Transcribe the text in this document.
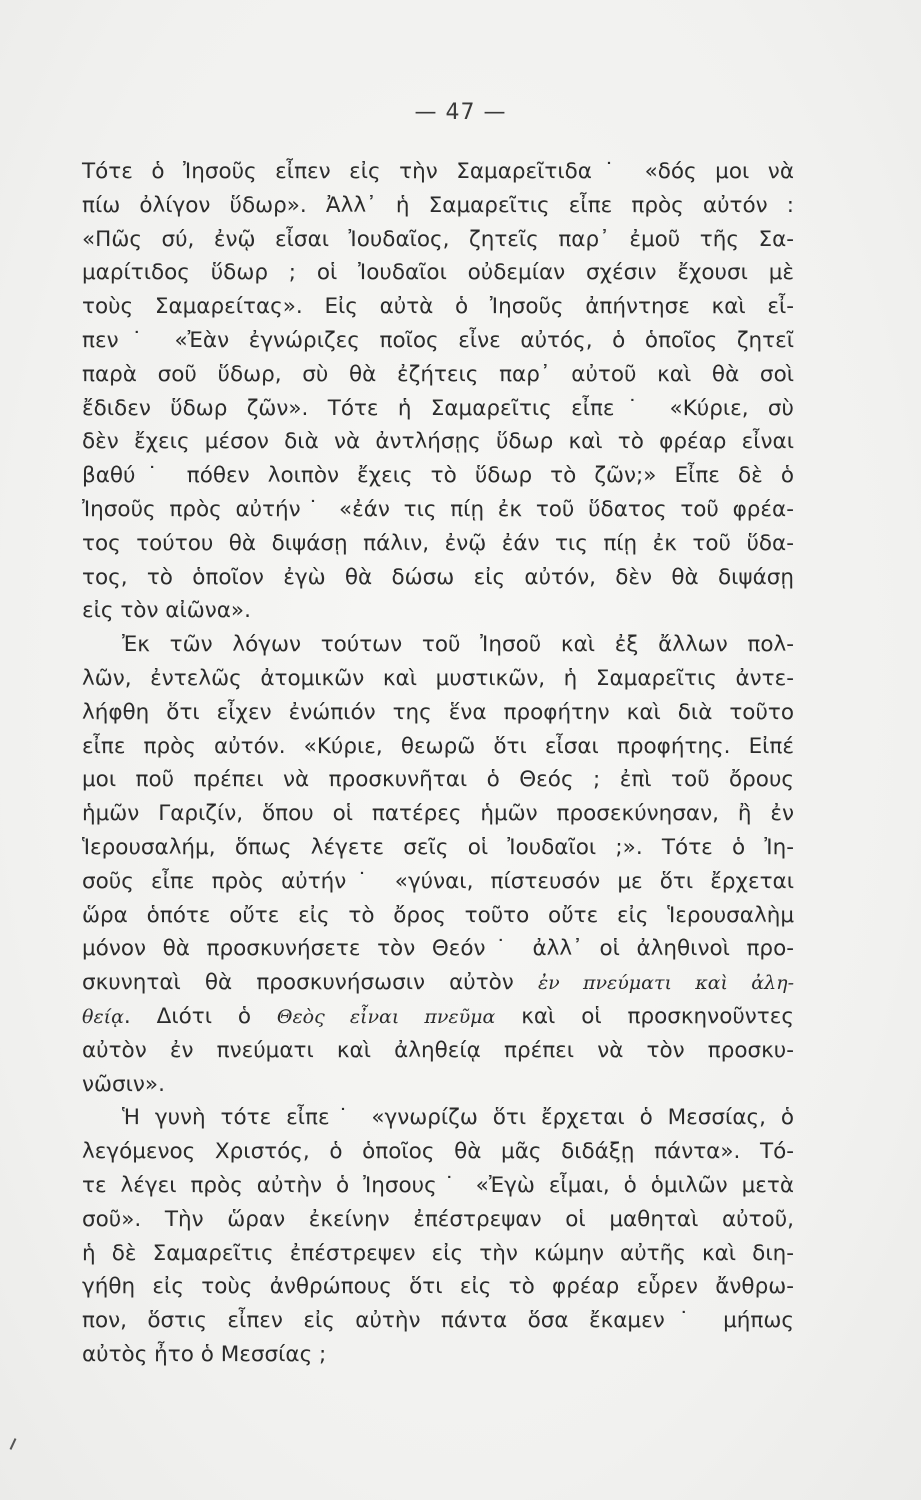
— 47 —
Τότε ὁ Ἰησοῦς εἶπεν εἰς τὴν Σαμαρεῖτιδα˙ «δός μοι νὰ
πίω ὀλίγον ὕδωρ». Ἀλλ᾿ ἡ Σαμαρεῖτις εἶπε πρὸς αὐτόν :
«Πῶς σύ, ἐνῷ εἶσαι Ἰουδαῖος, ζητεῖς παρ᾿ ἐμοῦ τῆς Σα-
μαρίτιδος ὕδωρ ; οἱ Ἰουδαῖοι οὐδεμίαν σχέσιν ἔχουσι μὲ
τοὺς Σαμαρείτας». Εἰς αὐτὰ ὁ Ἰησοῦς ἀπήντησε καὶ εἶ-
πεν˙ «Ἐὰν ἐγνώριζες ποῖος εἶνε αὐτός, ὁ ὁποῖος ζητεῖ
παρὰ σοῦ ὕδωρ, σὺ θὰ ἐζήτεις παρ᾿ αὐτοῦ καὶ θὰ σοὶ
ἔδιδεν ὕδωρ ζῶν». Τότε ἡ Σαμαρεῖτις εἶπε˙ «Κύριε, σὺ
δὲν ἔχεις μέσον διὰ νὰ ἀντλήσῃς ὕδωρ καὶ τὸ φρέαρ εἶναι
βαθύ˙ πόθεν λοιπὸν ἔχεις τὸ ὕδωρ τὸ ζῶν;» Εἶπε δὲ ὁ
Ἰησοῦς πρὸς αὐτήν˙ «ἐάν τις πίῃ ἐκ τοῦ ὕδατος τοῦ φρέα-
τος τούτου θὰ διψάσῃ πάλιν, ἐνῷ ἐάν τις πίῃ ἐκ τοῦ ὕδα-
τος, τὸ ὁποῖον ἐγὼ θὰ δώσω εἰς αὐτόν, δὲν θὰ διψάσῃ
εἰς τὸν αἰῶνα».
Ἐκ τῶν λόγων τούτων τοῦ Ἰησοῦ καὶ ἐξ ἄλλων πολ-
λῶν, ἐντελῶς ἀτομικῶν καὶ μυστικῶν, ἡ Σαμαρεῖτις ἀντε-
λήφθη ὅτι εἶχεν ἐνώπιόν της ἕνα προφήτην καὶ διὰ τοῦτο
εἶπε πρὸς αὐτόν. «Κύριε, θεωρῶ ὅτι εἶσαι προφήτης. Εἰπέ
μοι ποῦ πρέπει νὰ προσκυνῆται ὁ Θεός ; ἐπὶ τοῦ ὄρους
ἡμῶν Γαριζίν, ὅπου οἱ πατέρες ἡμῶν προσεκύνησαν, ἢ ἐν
Ἱερουσαλήμ, ὅπως λέγετε σεῖς οἱ Ἰουδαῖοι ;». Τότε ὁ Ἰη-
σοῦς εἶπε πρὸς αὐτήν˙ «γύναι, πίστευσόν με ὅτι ἔρχεται
ὥρα ὁπότε οὔτε εἰς τὸ ὄρος τοῦτο οὔτε εἰς Ἱερουσαλὴμ
μόνον θὰ προσκυνήσετε τὸν Θεόν˙ ἀλλ᾿ οἱ ἀληθινοὶ προ-
σκυνηταὶ θὰ προσκυνήσωσιν αὐτὸν ἐν πνεύματι καὶ ἀλη-
θείᾳ. Διότι ὁ Θεὸς εἶναι πνεῦμα καὶ οἱ προσκηνοῦντες
αὐτὸν ἐν πνεύματι καὶ ἀληθείᾳ πρέπει νὰ τὸν προσκυ-
νῶσιν».
Ἡ γυνὴ τότε εἶπε˙ «γνωρίζω ὅτι ἔρχεται ὁ Μεσσίας, ὁ
λεγόμενος Χριστός, ὁ ὁποῖος θὰ μᾶς διδάξῃ πάντα». Τό-
τε λέγει πρὸς αὐτὴν ὁ Ἰησους˙ «Ἐγὼ εἶμαι, ὁ ὁμιλῶν μετὰ
σοῦ». Τὴν ὥραν ἐκείνην ἐπέστρεψαν οἱ μαθηταὶ αὐτοῦ,
ἡ δὲ Σαμαρεῖτις ἐπέστρεψεν εἰς τὴν κώμην αὐτῆς καὶ διη-
γήθη εἰς τοὺς ἀνθρώπους ὅτι εἰς τὸ φρέαρ εὗρεν ἄνθρω-
πον, ὅστις εἶπεν εἰς αὐτὴν πάντα ὅσα ἔκαμεν˙ μήπως
αὐτὸς ἦτο ὁ Μεσσίας ;
